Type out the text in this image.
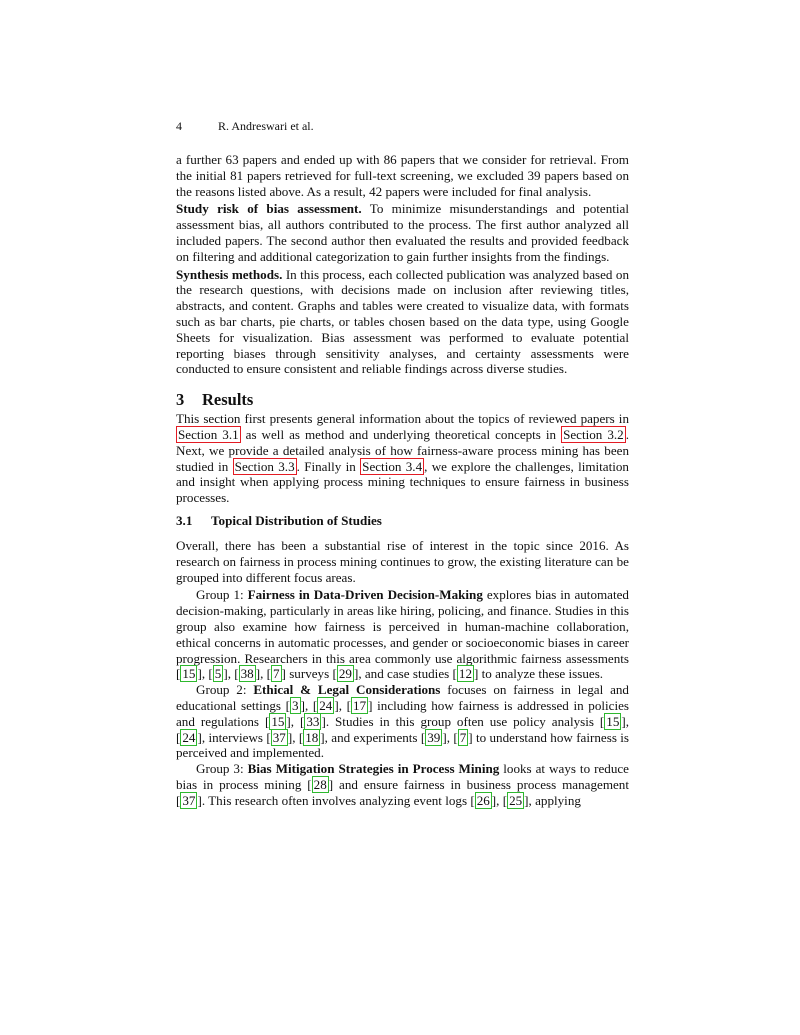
4	R. Andreswari et al.

a further 63 papers and ended up with 86 papers that we consider for retrieval. From the initial 81 papers retrieved for full-text screening, we excluded 39 papers based on the reasons listed above. As a result, 42 papers were included for final analysis.

Study risk of bias assessment. To minimize misunderstandings and potential assessment bias, all authors contributed to the process. The first author analyzed all included papers. The second author then evaluated the results and provided feedback on filtering and additional categorization to gain further insights from the findings.

Synthesis methods. In this process, each collected publication was analyzed based on the research questions, with decisions made on inclusion after reviewing titles, abstracts, and content. Graphs and tables were created to visualize data, with formats such as bar charts, pie charts, or tables chosen based on the data type, using Google Sheets for visualization. Bias assessment was performed to evaluate potential reporting biases through sensitivity analyses, and certainty assessments were conducted to ensure consistent and reliable findings across diverse studies.

3 Results

This section first presents general information about the topics of reviewed papers in Section 3.1 as well as method and underlying theoretical concepts in Section 3.2 . Next, we provide a detailed analysis of how fairness-aware process mining has been studied in Section 3.3 . Finally in Section 3.4 , we explore the challenges, limitation and insight when applying process mining techniques to ensure fairness in business processes.

3.1 Topical Distribution of Studies

Overall, there has been a substantial rise of interest in the topic since 2016. As research on fairness in process mining continues to grow, the existing literature can be grouped into different focus areas.

Group 1: Fairness in Data-Driven Decision-Making explores bias in automated decision-making, particularly in areas like hiring, policing, and finance. Studies in this group also examine how fairness is perceived in human-machine collaboration, ethical concerns in automatic processes, and gender or socioeconomic biases in career progression. Researchers in this area commonly use algorithmic fairness assessments [ 15 ], [ 5 ], [ 38 ], [ 7 ] surveys [ 29 ], and case studies [ 12 ] to analyze these issues.

Group 2: Ethical & Legal Considerations focuses on fairness in legal and educational settings [ 3 ], [ 24 ], [ 17 ] including how fairness is addressed in policies and regulations [ 15 ], [ 33 ]. Studies in this group often use policy analysis [ 15 ], [ 24 ], interviews [ 37 ], [ 18 ], and experiments [ 39 ], [ 7 ] to understand how fairness is perceived and implemented.

Group 3: Bias Mitigation Strategies in Process Mining looks at ways to reduce bias in process mining [ 28 ] and ensure fairness in business process management [ 37 ]. This research often involves analyzing event logs [ 26 ], [ 25 ], applying
